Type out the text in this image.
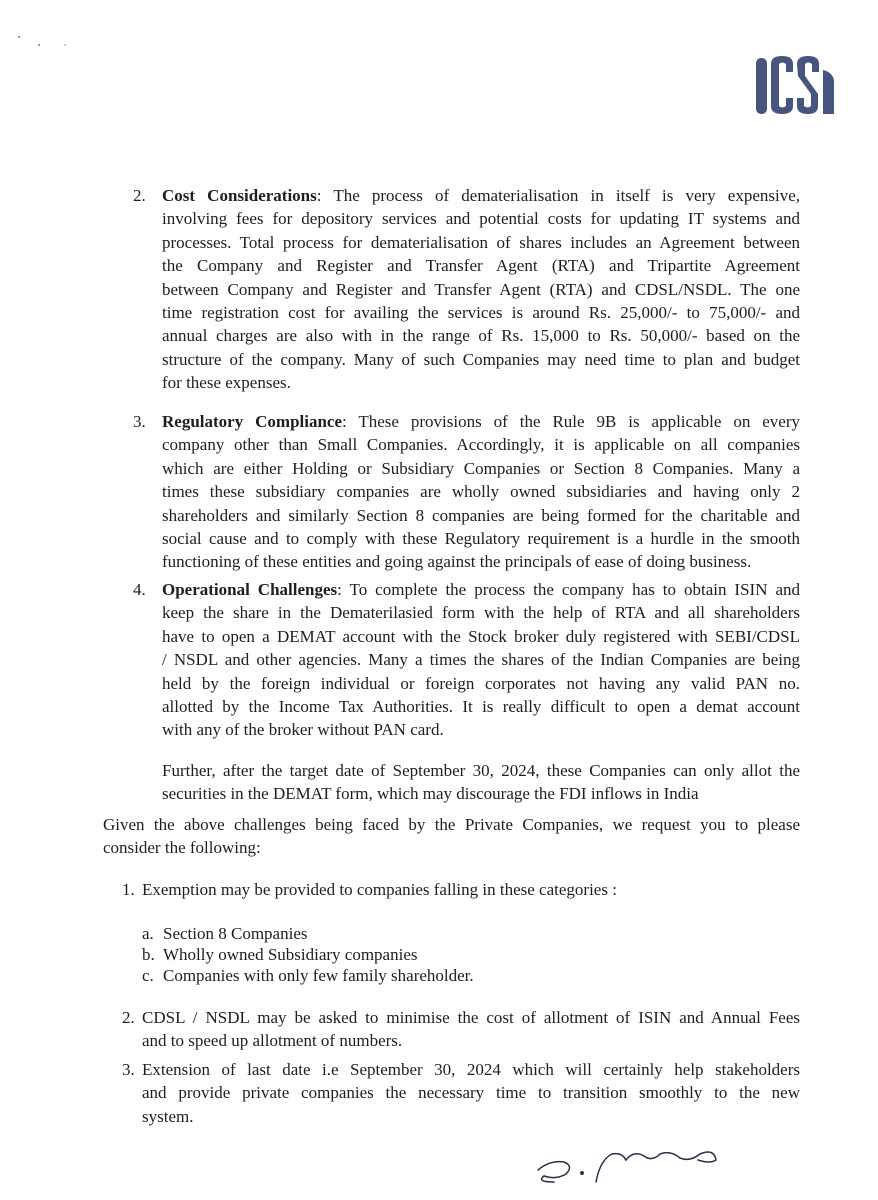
2. Cost Considerations: The process of dematerialisation in itself is very expensive,
involving fees for depository services and potential costs for updating IT systems and
processes. Total process for dematerialisation of shares includes an Agreement between
the Company and Register and Transfer Agent (RTA) and Tripartite Agreement
between Company and Register and Transfer Agent (RTA) and CDSL/NSDL. The one
time registration cost for availing the services is around Rs. 25,000/- to 75,000/- and
annual charges are also with in the range of Rs. 15,000 to Rs. 50,000/- based on the
structure of the company. Many of such Companies may need time to plan and budget
for these expenses.
3. Regulatory Compliance: These provisions of the Rule 9B is applicable on every
company other than Small Companies. Accordingly, it is applicable on all companies
which are either Holding or Subsidiary Companies or Section 8 Companies. Many a
times these subsidiary companies are wholly owned subsidiaries and having only 2
shareholders and similarly Section 8 companies are being formed for the charitable and
social cause and to comply with these Regulatory requirement is a hurdle in the smooth
functioning of these entities and going against the principals of ease of doing business.
4. Operational Challenges: To complete the process the company has to obtain ISIN and
keep the share in the Dematerilasied form with the help of RTA and all shareholders
have to open a DEMAT account with the Stock broker duly registered with SEBI/CDSL
/ NSDL and other agencies. Many a times the shares of the Indian Companies are being
held by the foreign individual or foreign corporates not having any valid PAN no.
allotted by the Income Tax Authorities. It is really difficult to open a demat account
with any of the broker without PAN card.
Further, after the target date of September 30, 2024, these Companies can only allot the
securities in the DEMAT form, which may discourage the FDI inflows in India
Given the above challenges being faced by the Private Companies, we request you to please
consider the following:
1. Exemption may be provided to companies falling in these categories :
2. CDSL / NSDL may be asked to minimise the cost of allotment of ISIN and Annual Fees
and to speed up allotment of numbers.
3. Extension of last date i.e September 30, 2024 which will certainly help stakeholders
and provide private companies the necessary time to transition smoothly to the new
system.
a. Section 8 Companies
b. Wholly owned Subsidiary companies
c. Companies with only few family shareholder.
